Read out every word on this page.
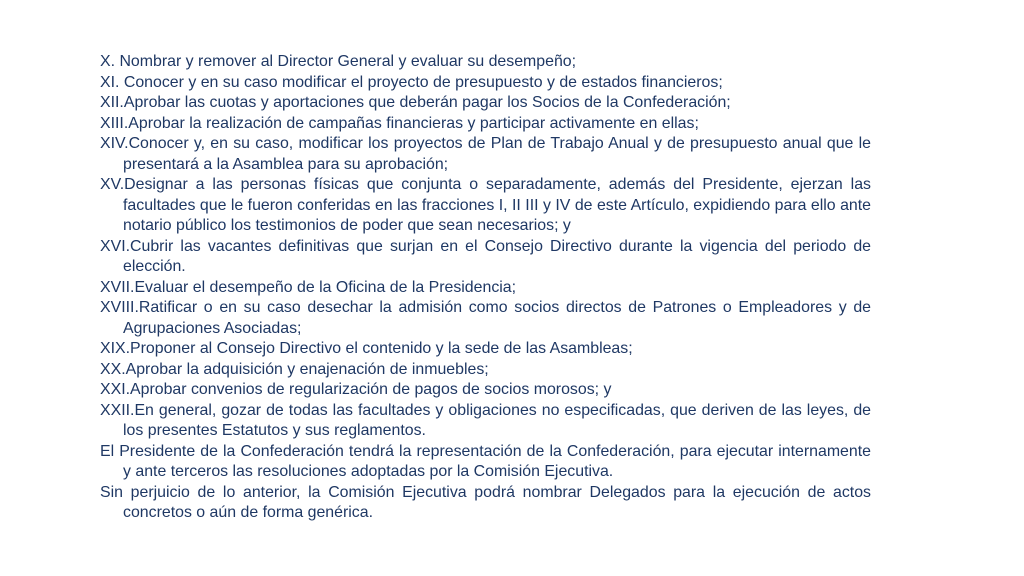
X. Nombrar y remover al Director General y evaluar su desempeño;

XI. Conocer y en su caso modificar el proyecto de presupuesto y de estados financieros;

XII.Aprobar las cuotas y aportaciones que deberán pagar los Socios de la Confederación;

XIII.Aprobar la realización de campañas financieras y participar activamente en ellas;

XIV.Conocer y, en su caso, modificar los proyectos de Plan de Trabajo Anual y de presupuesto anual que le presentará a la Asamblea para su aprobación;

XV.Designar a las personas físicas que conjunta o separadamente, además del Presidente, ejerzan las facultades que le fueron conferidas en las fracciones I, II III y IV de este Artículo, expidiendo para ello ante notario público los testimonios de poder que sean necesarios; y

XVI.Cubrir las vacantes definitivas que surjan en el Consejo Directivo durante la vigencia del periodo de elección.

XVII.Evaluar el desempeño de la Oficina de la Presidencia;

XVIII.Ratificar o en su caso desechar la admisión como socios directos de Patrones o Empleadores y de Agrupaciones Asociadas;

XIX.Proponer al Consejo Directivo el contenido y la sede de las Asambleas;

XX.Aprobar la adquisición y enajenación de inmuebles;

XXI.Aprobar convenios de regularización de pagos de socios morosos; y

XXII.En general, gozar de todas las facultades y obligaciones no especificadas, que deriven de las leyes, de los presentes Estatutos y sus reglamentos.

El Presidente de la Confederación tendrá la representación de la Confederación, para ejecutar internamente y ante terceros las resoluciones adoptadas por la Comisión Ejecutiva.

Sin perjuicio de lo anterior, la Comisión Ejecutiva podrá nombrar Delegados para la ejecución de actos concretos o aún de forma genérica.
